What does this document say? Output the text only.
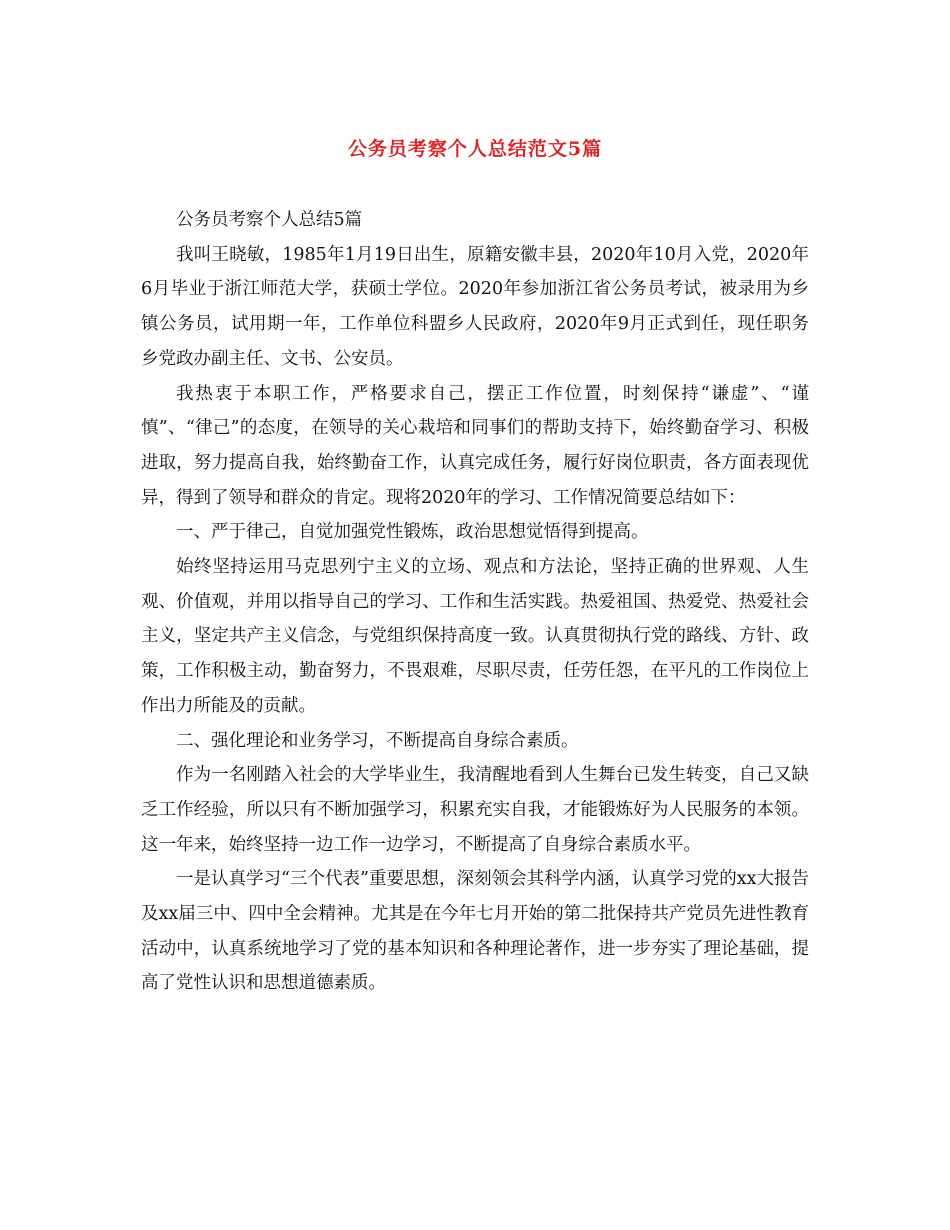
公务员考察个人总结范文5篇

公务员考察个人总结5篇

我叫王晓敏，1985年1月19日出生，原籍安徽丰县，2020年10月入党，2020年6月毕业于浙江师范大学，获硕士学位。2020年参加浙江省公务员考试，被录用为乡镇公务员，试用期一年，工作单位科盟乡人民政府，2020年9月正式到任，现任职务乡党政办副主任、文书、公安员。

我热衷于本职工作，严格要求自己，摆正工作位置，时刻保持“谦虚”、“谨慎”、“律己”的态度，在领导的关心栽培和同事们的帮助支持下，始终勤奋学习、积极进取，努力提高自我，始终勤奋工作，认真完成任务，履行好岗位职责，各方面表现优异，得到了领导和群众的肯定。现将2020年的学习、工作情况简要总结如下：

一、严于律己，自觉加强党性锻炼，政治思想觉悟得到提高。

始终坚持运用马克思列宁主义的立场、观点和方法论，坚持正确的世界观、人生观、价值观，并用以指导自己的学习、工作和生活实践。热爱祖国、热爱党、热爱社会主义，坚定共产主义信念，与党组织保持高度一致。认真贯彻执行党的路线、方针、政策，工作积极主动，勤奋努力，不畏艰难，尽职尽责，任劳任怨，在平凡的工作岗位上作出力所能及的贡献。

二、强化理论和业务学习，不断提高自身综合素质。

作为一名刚踏入社会的大学毕业生，我清醒地看到人生舞台已发生转变，自己又缺乏工作经验，所以只有不断加强学习，积累充实自我，才能锻炼好为人民服务的本领。这一年来，始终坚持一边工作一边学习，不断提高了自身综合素质水平。

一是认真学习“三个代表”重要思想，深刻领会其科学内涵，认真学习党的xx大报告及xx届三中、四中全会精神。尤其是在今年七月开始的第二批保持共产党员先进性教育活动中，认真系统地学习了党的基本知识和各种理论著作，进一步夯实了理论基础，提高了党性认识和思想道德素质。
